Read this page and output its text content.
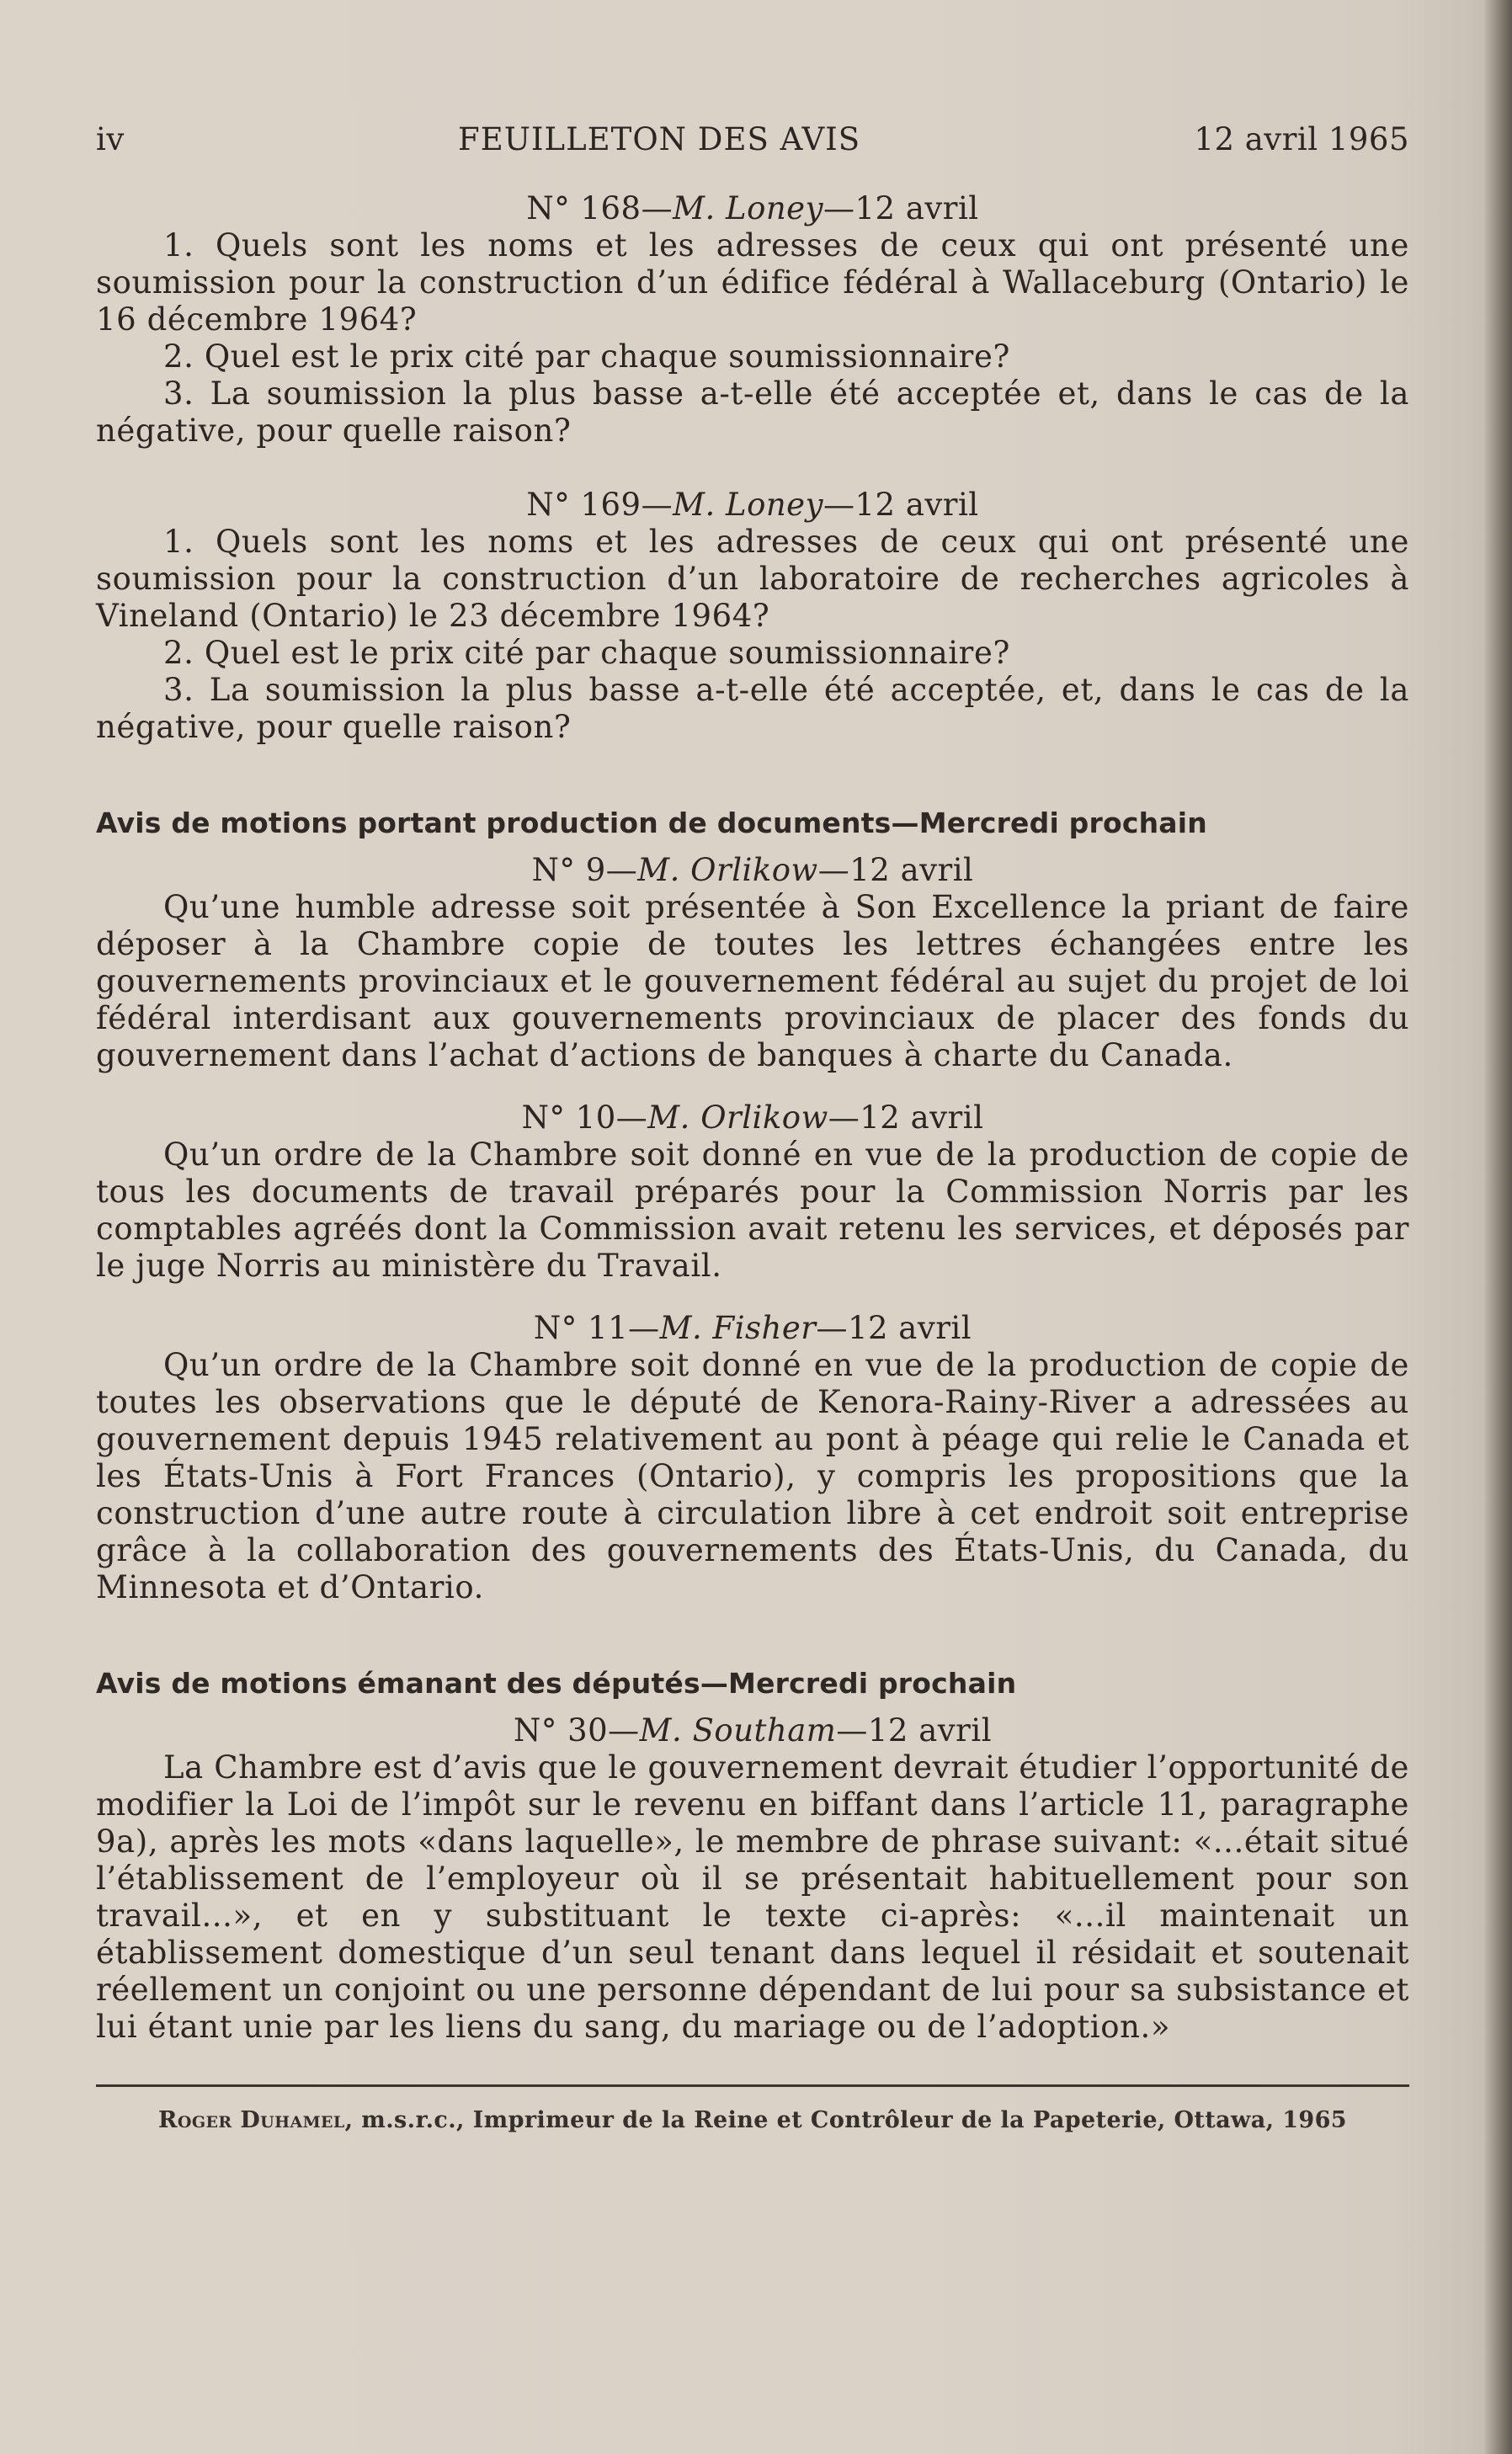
iv	FEUILLETON DES AVIS	12 avril 1965
N° 168—M. Loney—12 avril

1. Quels sont les noms et les adresses de ceux qui ont présenté une soumission pour la construction d’un édifice fédéral à Wallaceburg (Ontario) le 16 décembre 1964?

2. Quel est le prix cité par chaque soumissionnaire?

3. La soumission la plus basse a-t-elle été acceptée et, dans le cas de la négative, pour quelle raison?

N° 169—M. Loney—12 avril

1. Quels sont les noms et les adresses de ceux qui ont présenté une soumission pour la construction d’un laboratoire de recherches agricoles à Vineland (Ontario) le 23 décembre 1964?

2. Quel est le prix cité par chaque soumissionnaire?

3. La soumission la plus basse a-t-elle été acceptée, et, dans le cas de la négative, pour quelle raison?

Avis de motions portant production de documents—Mercredi prochain
N° 9—M. Orlikow—12 avril

Qu’une humble adresse soit présentée à Son Excellence la priant de faire déposer à la Chambre copie de toutes les lettres échangées entre les gouvernements provinciaux et le gouvernement fédéral au sujet du projet de loi fédéral interdisant aux gouvernements provinciaux de placer des fonds du gouvernement dans l’achat d’actions de banques à charte du Canada.

N° 10—M. Orlikow—12 avril

Qu’un ordre de la Chambre soit donné en vue de la production de copie de tous les documents de travail préparés pour la Commission Norris par les comptables agréés dont la Commission avait retenu les services, et déposés par le juge Norris au ministère du Travail.

N° 11—M. Fisher—12 avril

Qu’un ordre de la Chambre soit donné en vue de la production de copie de toutes les observations que le député de Kenora-Rainy-River a adressées au gouvernement depuis 1945 relativement au pont à péage qui relie le Canada et les États-Unis à Fort Frances (Ontario), y compris les propositions que la construction d’une autre route à circulation libre à cet endroit soit entreprise grâce à la collaboration des gouvernements des États-Unis, du Canada, du Minnesota et d’Ontario.

Avis de motions émanant des députés—Mercredi prochain
N° 30—M. Southam—12 avril

La Chambre est d’avis que le gouvernement devrait étudier l’opportunité de modifier la Loi de l’impôt sur le revenu en biffant dans l’article 11, paragraphe 9a), après les mots «dans laquelle», le membre de phrase suivant: «...était situé l’établissement de l’employeur où il se présentait habituellement pour son travail...», et en y substituant le texte ci-après: «...il maintenait un établissement domestique d’un seul tenant dans lequel il résidait et soutenait réellement un conjoint ou une personne dépendant de lui pour sa subsistance et lui étant unie par les liens du sang, du mariage ou de l’adoption.»

Roger Duhamel, m.s.r.c., Imprimeur de la Reine et Contrôleur de la Papeterie, Ottawa, 1965
